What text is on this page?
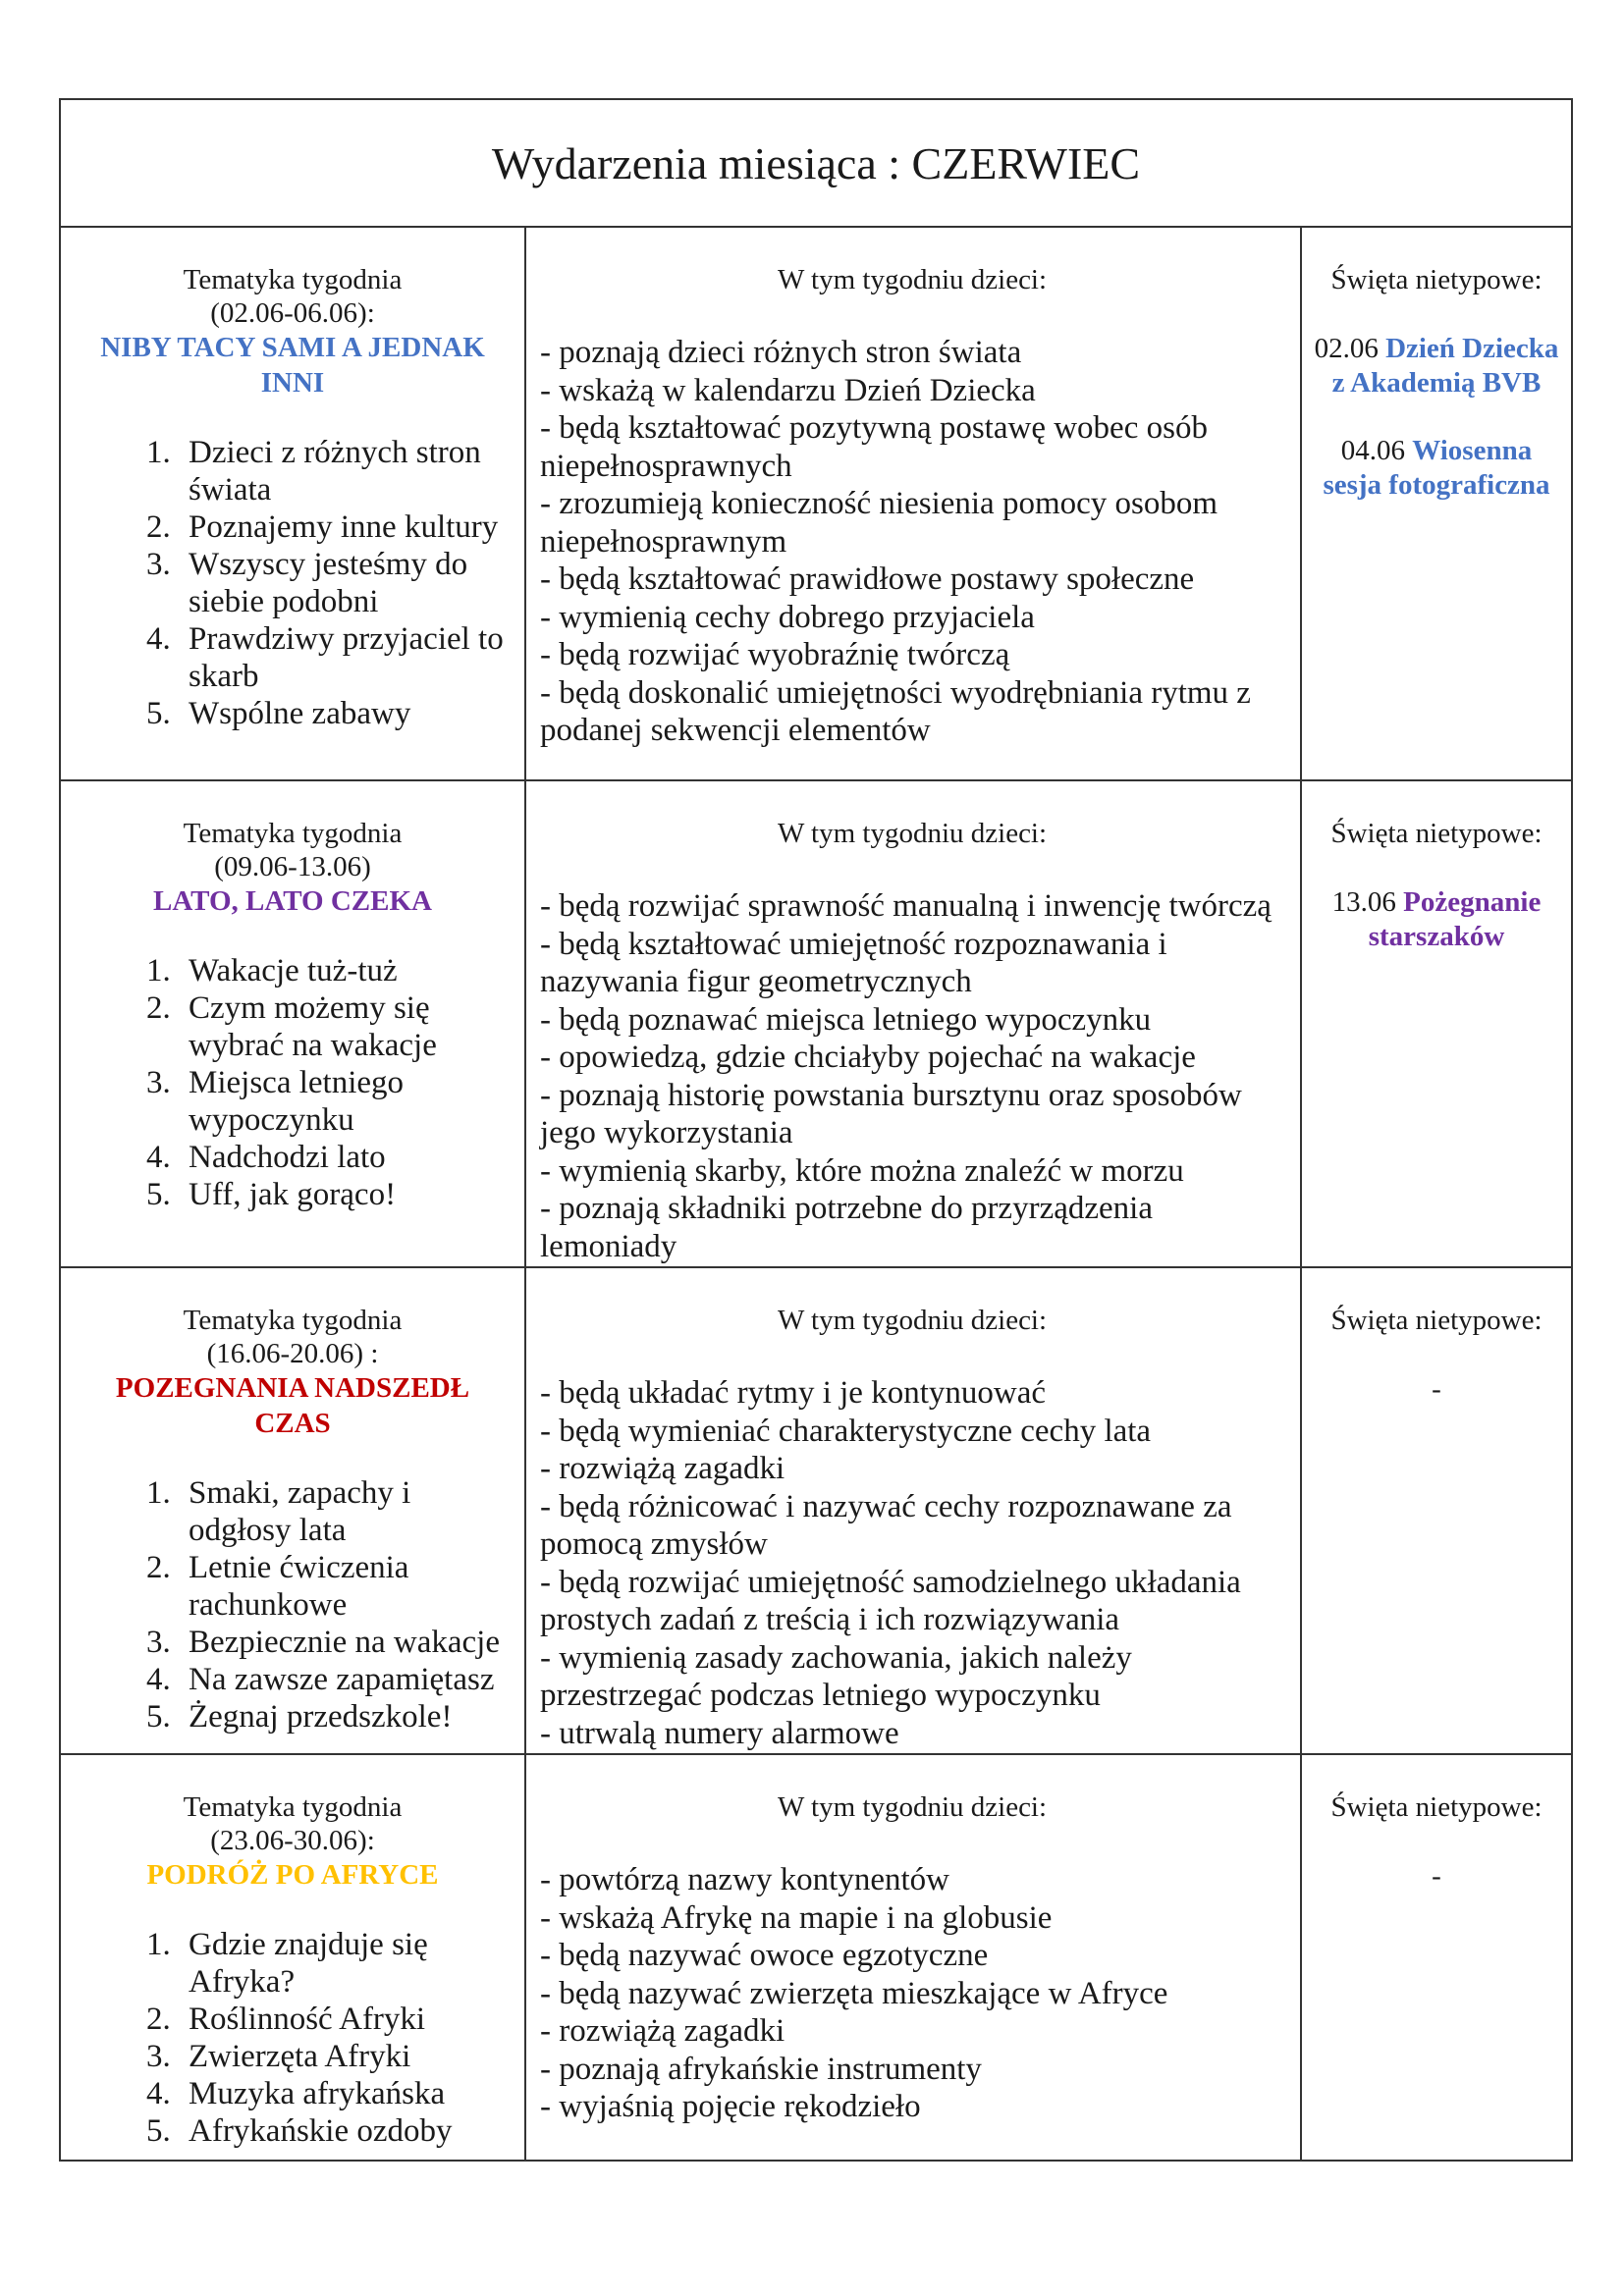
Wydarzenia miesiąca : CZERWIEC
Tematyka tygodnia
(02.06-06.06):
NIBY TACY SAMI A JEDNAK INNI
1. Dzieci z różnych stron świata
2. Poznajemy inne kultury
3. Wszyscy jesteśmy do siebie podobni
4. Prawdziwy przyjaciel to skarb
5. Wspólne zabawy
W tym tygodniu dzieci:
- poznają dzieci różnych stron świata
- wskażą w kalendarzu Dzień Dziecka
- będą kształtować pozytywną postawę wobec osób niepełnosprawnych
- zrozumieją konieczność niesienia pomocy osobom niepełnosprawnym
- będą kształtować prawidłowe postawy społeczne
- wymienią cechy dobrego przyjaciela
- będą rozwijać wyobraźnię twórczą
- będą doskonalić umiejętności wyodrębniania rytmu z podanej sekwencji elementów
Święta nietypowe:
02.06 Dzień Dziecka z Akademią BVB
04.06 Wiosenna sesja fotograficzna
Tematyka tygodnia
(09.06-13.06)
LATO, LATO CZEKA
1. Wakacje tuż-tuż
2. Czym możemy się wybrać na wakacje
3. Miejsca letniego wypoczynku
4. Nadchodzi lato
5. Uff, jak gorąco!
W tym tygodniu dzieci:
- będą rozwijać sprawność manualną i inwencję twórczą
- będą kształtować umiejętność rozpoznawania i nazywania figur geometrycznych
- będą poznawać miejsca letniego wypoczynku
- opowiedzą, gdzie chciałyby pojechać na wakacje
- poznają historię powstania bursztynu oraz sposobów jego wykorzystania
- wymienią skarby, które można znaleźć w morzu
- poznają składniki potrzebne do przyrządzenia lemoniady
Święta nietypowe:
13.06 Pożegnanie starszaków
Tematyka tygodnia
(16.06-20.06) :
POZEGNANIA NADSZEDŁ CZAS
1. Smaki, zapachy i odgłosy lata
2. Letnie ćwiczenia rachunkowe
3. Bezpiecznie na wakacje
4. Na zawsze zapamiętasz
5. Żegnaj przedszkole!
W tym tygodniu dzieci:
- będą układać rytmy i je kontynuować
- będą wymieniać charakterystyczne cechy lata
- rozwiążą zagadki
- będą różnicować i nazywać cechy rozpoznawane za pomocą zmysłów
- będą rozwijać umiejętność samodzielnego układania prostych zadań z treścią i ich rozwiązywania
- wymienią zasady zachowania, jakich należy przestrzegać podczas letniego wypoczynku
- utrwalą numery alarmowe
Święta nietypowe:
-
Tematyka tygodnia
(23.06-30.06):
PODRÓŻ PO AFRYCE
1. Gdzie znajduje się Afryka?
2. Roślinność Afryki
3. Zwierzęta Afryki
4. Muzyka afrykańska
5. Afrykańskie ozdoby
W tym tygodniu dzieci:
- powtórzą nazwy kontynentów
- wskażą Afrykę na mapie i na globusie
- będą nazywać owoce egzotyczne
- będą nazywać zwierzęta mieszkające w Afryce
- rozwiążą zagadki
- poznają afrykańskie instrumenty
- wyjaśnią pojęcie rękodzieło
Święta nietypowe:
-
